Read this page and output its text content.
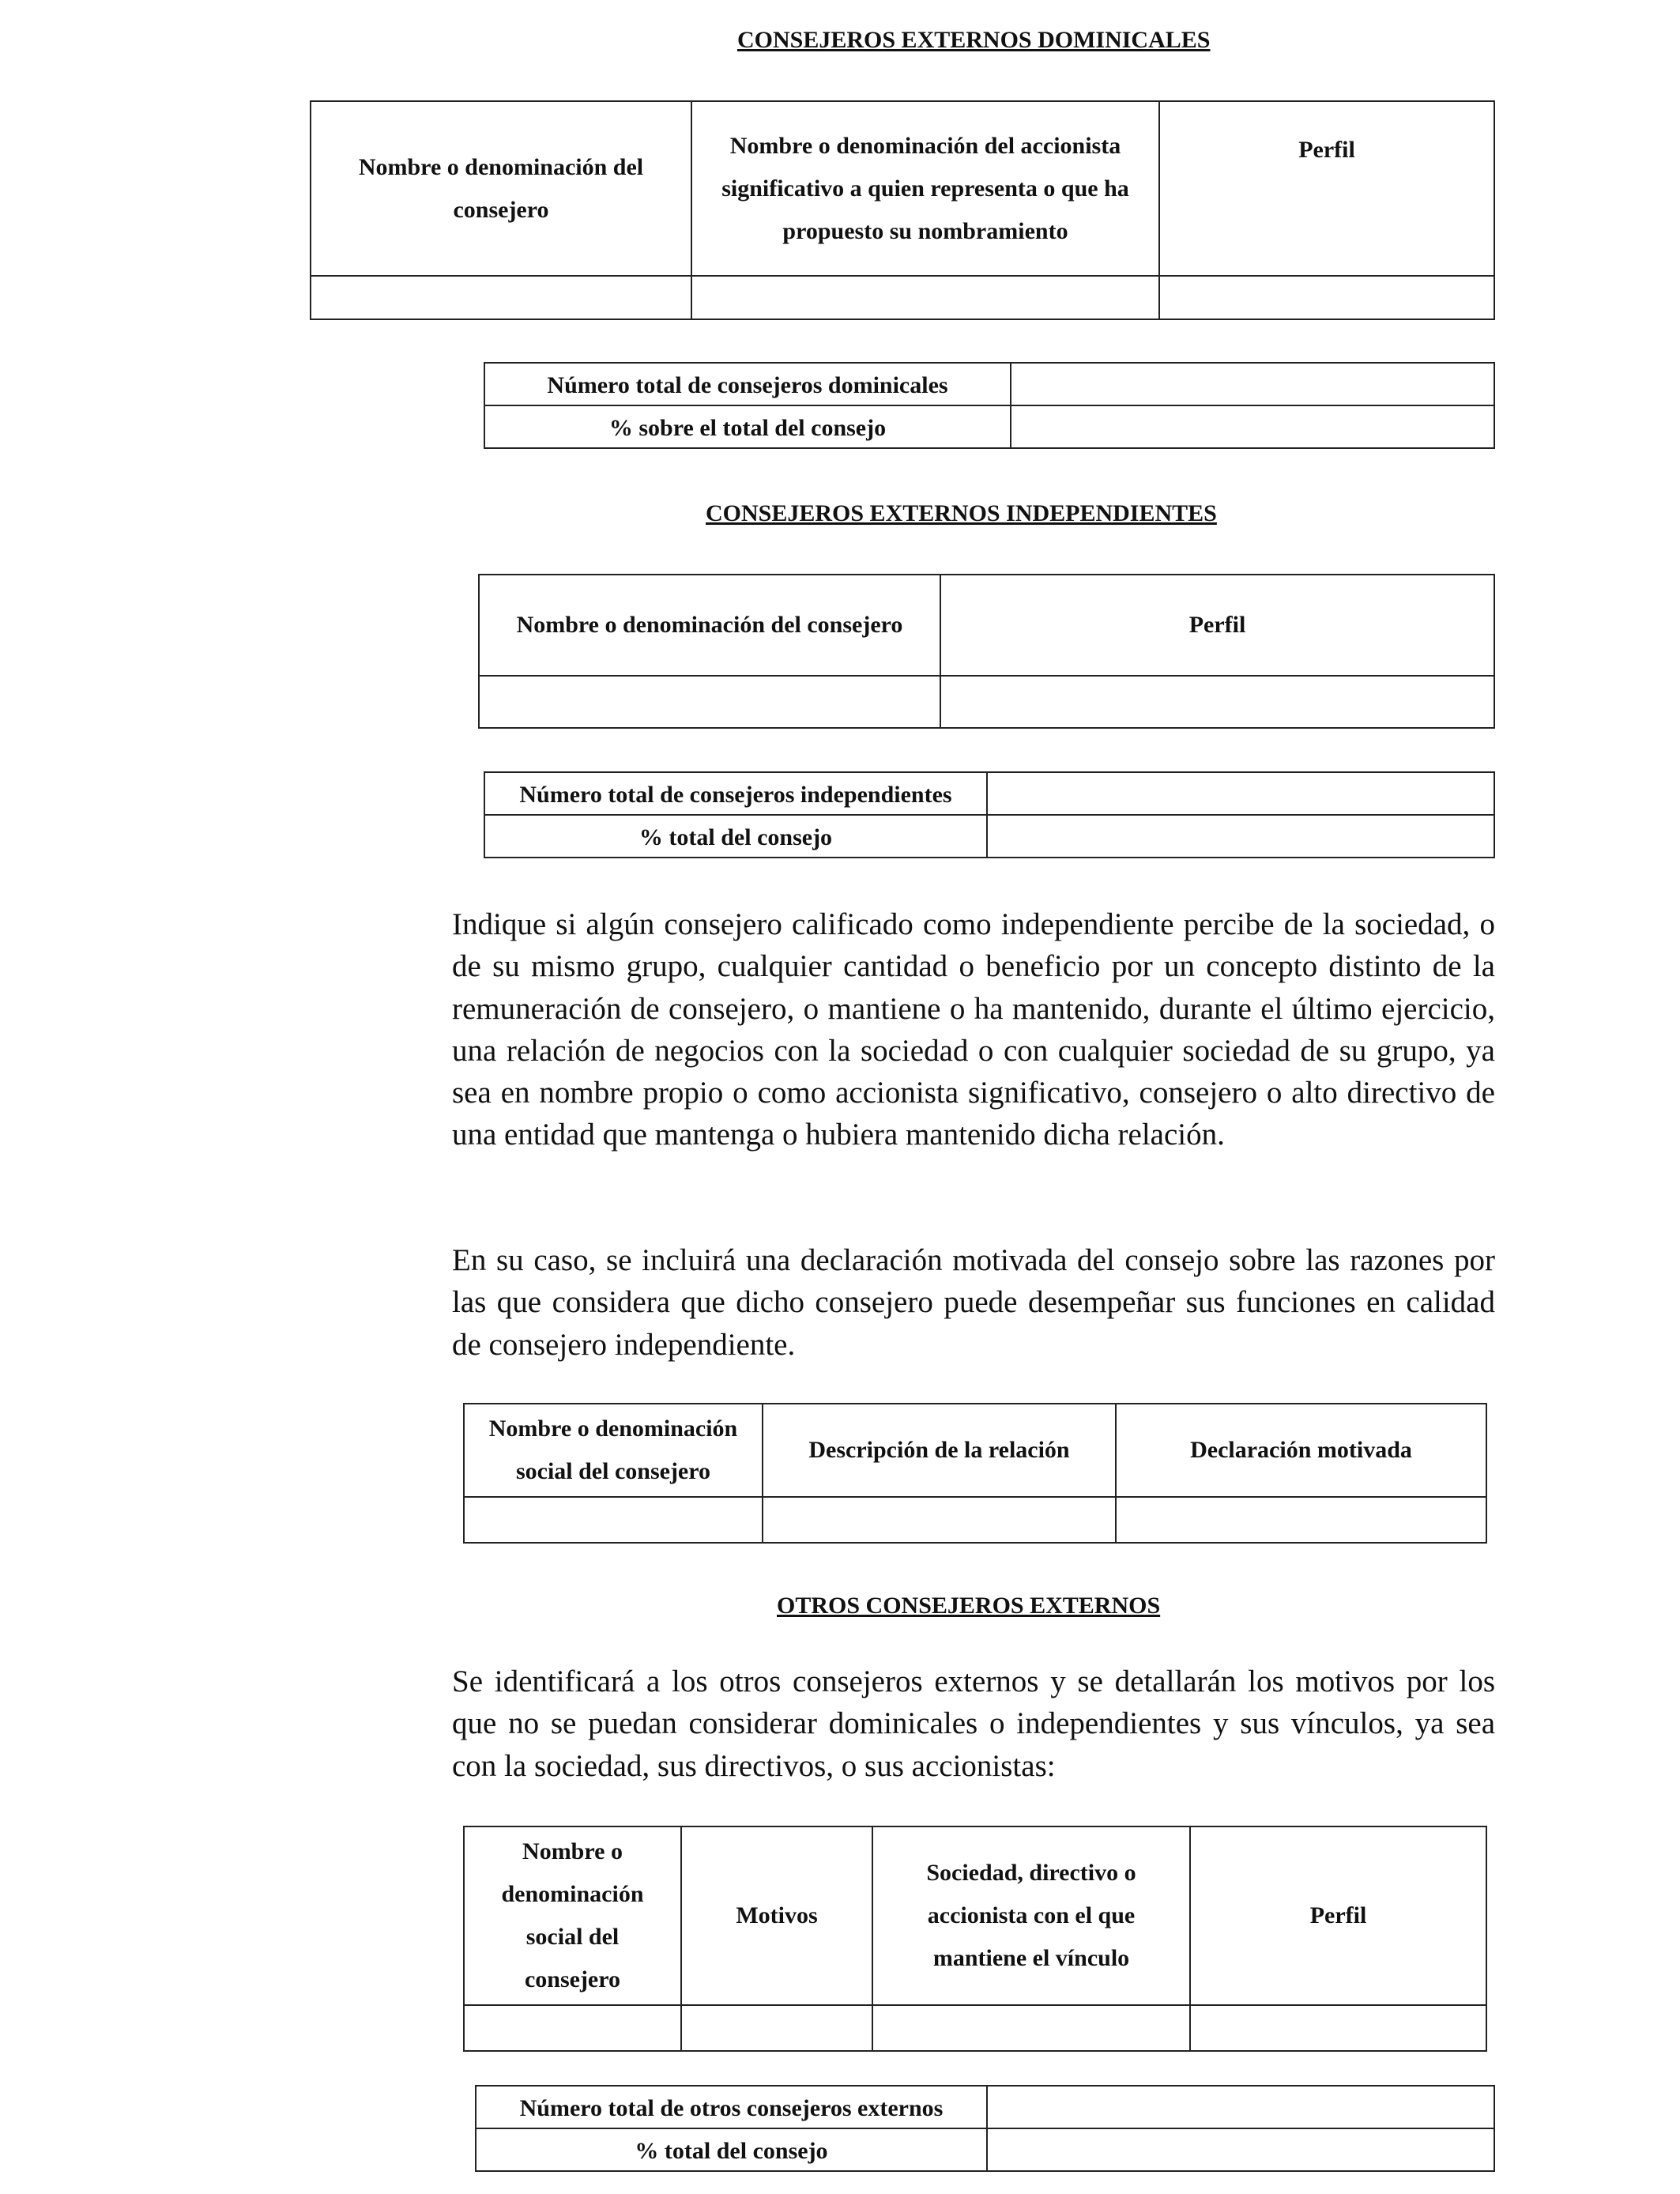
CONSEJEROS EXTERNOS DOMINICALES
Nombre o denominación del consejero	Nombre o denominación del accionista significativo a quien representa o que ha propuesto su nombramiento	Perfil

Número total de consejeros dominicales	
% sobre el total del consejo	
CONSEJEROS EXTERNOS INDEPENDIENTES
Nombre o denominación del consejero	Perfil

Número total de consejeros independientes	
% total del consejo	
Indique si algún consejero calificado como independiente percibe de la sociedad, o de su mismo grupo, cualquier cantidad o beneficio por un concepto distinto de la remuneración de consejero, o mantiene o ha mantenido, durante el último ejercicio, una relación de negocios con la sociedad o con cualquier sociedad de su grupo, ya sea en nombre propio o como accionista significativo, consejero o alto directivo de una entidad que mantenga o hubiera mantenido dicha relación.
En su caso, se incluirá una declaración motivada del consejo sobre las razones por las que considera que dicho consejero puede desempeñar sus funciones en calidad de consejero independiente.
Nombre o denominación social del consejero	Descripción de la relación	Declaración motivada

OTROS CONSEJEROS EXTERNOS
Se identificará a los otros consejeros externos y se detallarán los motivos por los que no se puedan considerar dominicales o independientes y sus vínculos, ya sea con la sociedad, sus directivos, o sus accionistas:
Nombre o denominación social del consejero	Motivos	Sociedad, directivo o accionista con el que mantiene el vínculo	Perfil

Número total de otros consejeros externos	
% total del consejo	
